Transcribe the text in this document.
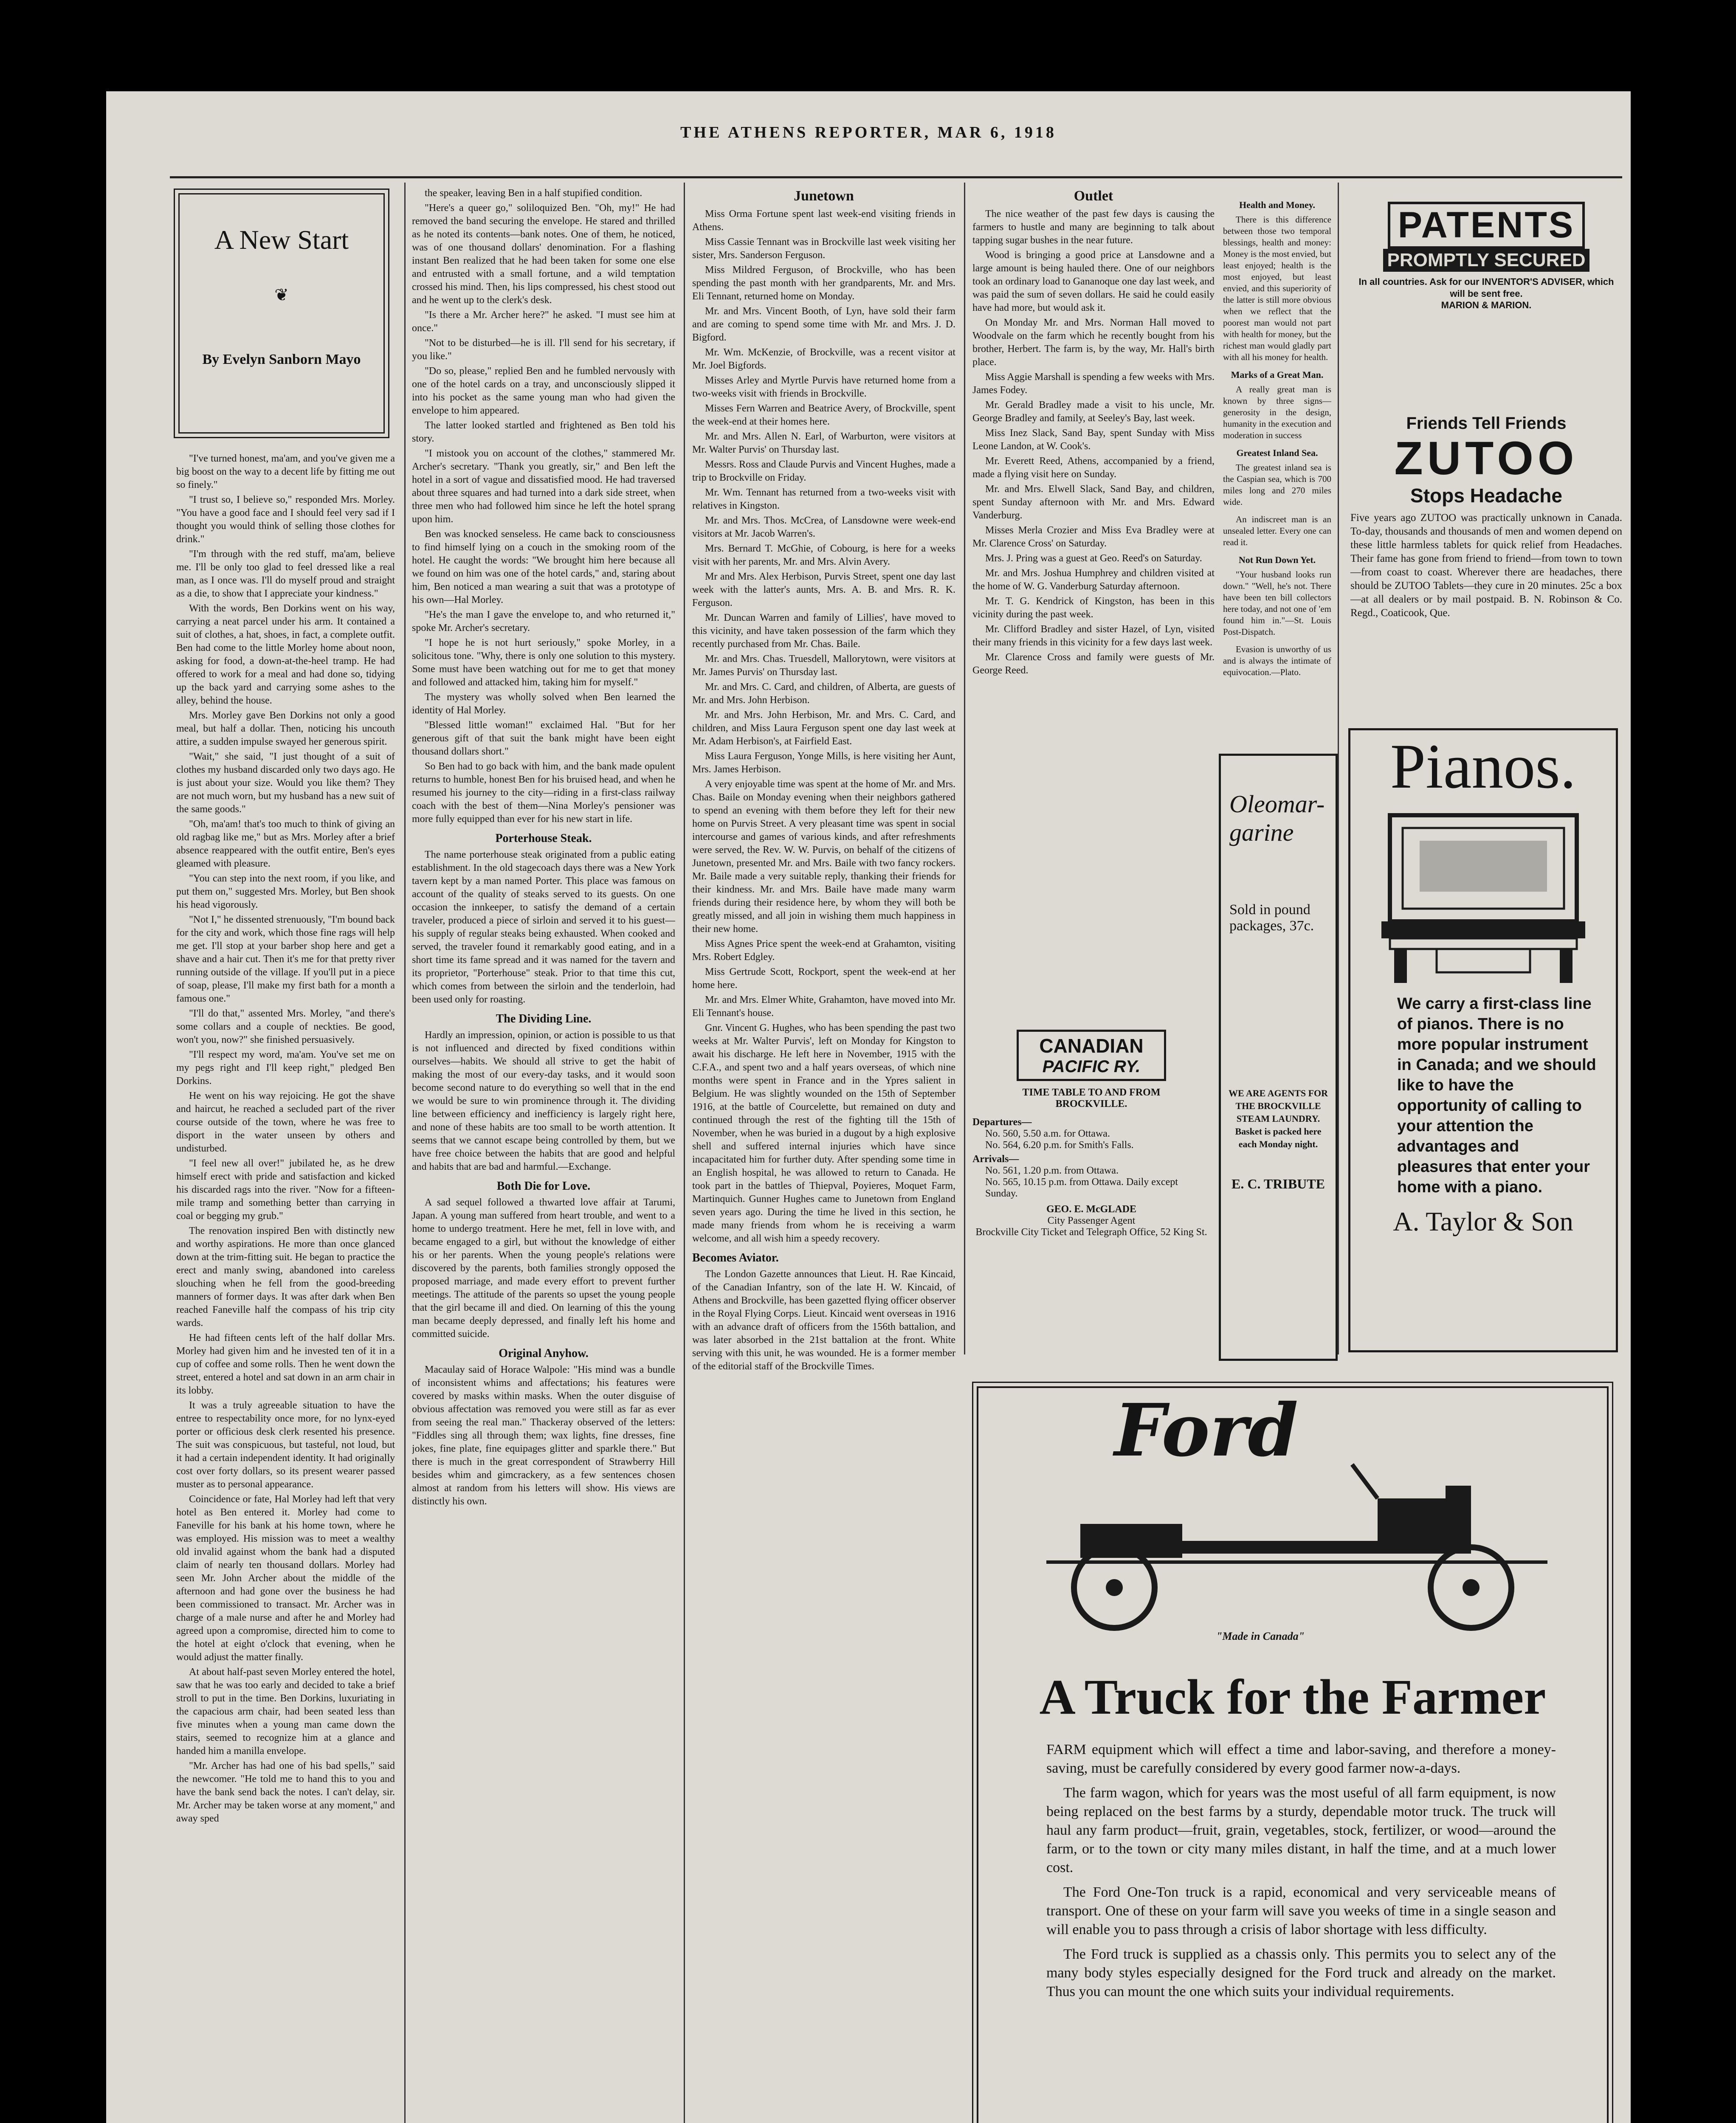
THE ATHENS REPORTER, MAR 6, 1918
A New Start
❦
By Evelyn Sanborn Mayo

"I've turned honest, ma'am, and you've given me a big boost on the way to a decent life by fitting me out so finely."

"I trust so, I believe so," responded Mrs. Morley. "You have a good face and I should feel very sad if I thought you would think of selling those clothes for drink."

"I'm through with the red stuff, ma'am, believe me. I'll be only too glad to feel dressed like a real man, as I once was. I'll do myself proud and straight as a die, to show that I appreciate your kindness."

With the words, Ben Dorkins went on his way, carrying a neat parcel under his arm. It contained a suit of clothes, a hat, shoes, in fact, a complete outfit. Ben had come to the little Morley home about noon, asking for food, a down-at-the-heel tramp. He had offered to work for a meal and had done so, tidying up the back yard and carrying some ashes to the alley, behind the house.

Mrs. Morley gave Ben Dorkins not only a good meal, but half a dollar. Then, noticing his uncouth attire, a sudden impulse swayed her generous spirit.

"Wait," she said, "I just thought of a suit of clothes my husband discarded only two days ago. He is just about your size. Would you like them? They are not much worn, but my husband has a new suit of the same goods."

"Oh, ma'am! that's too much to think of giving an old ragbag like me," but as Mrs. Morley after a brief absence reappeared with the outfit entire, Ben's eyes gleamed with pleasure.

"You can step into the next room, if you like, and put them on," suggested Mrs. Morley, but Ben shook his head vigorously.

"Not I," he dissented strenuously, "I'm bound back for the city and work, which those fine rags will help me get. I'll stop at your barber shop here and get a shave and a hair cut. Then it's me for that pretty river running outside of the village. If you'll put in a piece of soap, please, I'll make my first bath for a month a famous one."

"I'll do that," assented Mrs. Morley, "and there's some collars and a couple of neckties. Be good, won't you, now?" she finished persuasively.

"I'll respect my word, ma'am. You've set me on my pegs right and I'll keep right," pledged Ben Dorkins.

He went on his way rejoicing. He got the shave and haircut, he reached a secluded part of the river course outside of the town, where he was free to disport in the water unseen by others and undisturbed.

"I feel new all over!" jubilated he, as he drew himself erect with pride and satisfaction and kicked his discarded rags into the river. "Now for a fifteen-mile tramp and something better than carrying in coal or begging my grub."

The renovation inspired Ben with distinctly new and worthy aspirations. He more than once glanced down at the trim-fitting suit. He began to practice the erect and manly swing, abandoned into careless slouching when he fell from the good-breeding manners of former days. It was after dark when Ben reached Faneville half the compass of his trip city wards.

He had fifteen cents left of the half dollar Mrs. Morley had given him and he invested ten of it in a cup of coffee and some rolls. Then he went down the street, entered a hotel and sat down in an arm chair in its lobby.

It was a truly agreeable situation to have the entree to respectability once more, for no lynx-eyed porter or officious desk clerk resented his presence. The suit was conspicuous, but tasteful, not loud, but it had a certain independent identity. It had originally cost over forty dollars, so its present wearer passed muster as to personal appearance.

Coincidence or fate, Hal Morley had left that very hotel as Ben entered it. Morley had come to Faneville for his bank at his home town, where he was employed. His mission was to meet a wealthy old invalid against whom the bank had a disputed claim of nearly ten thousand dollars. Morley had seen Mr. John Archer about the middle of the afternoon and had gone over the business he had been commissioned to transact. Mr. Archer was in charge of a male nurse and after he and Morley had agreed upon a compromise, directed him to come to the hotel at eight o'clock that evening, when he would adjust the matter finally.

At about half-past seven Morley entered the hotel, saw that he was too early and decided to take a brief stroll to put in the time. Ben Dorkins, luxuriating in the capacious arm chair, had been seated less than five minutes when a young man came down the stairs, seemed to recognize him at a glance and handed him a manilla envelope.

"Mr. Archer has had one of his bad spells," said the newcomer. "He told me to hand this to you and have the bank send back the notes. I can't delay, sir. Mr. Archer may be taken worse at any moment," and away sped

the speaker, leaving Ben in a half stupified condition.

"Here's a queer go," soliloquized Ben. "Oh, my!" He had removed the band securing the envelope. He stared and thrilled as he noted its contents—bank notes. One of them, he noticed, was of one thousand dollars' denomination. For a flashing instant Ben realized that he had been taken for some one else and entrusted with a small fortune, and a wild temptation crossed his mind. Then, his lips compressed, his chest stood out and he went up to the clerk's desk.

"Is there a Mr. Archer here?" he asked. "I must see him at once."

"Not to be disturbed—he is ill. I'll send for his secretary, if you like."

"Do so, please," replied Ben and he fumbled nervously with one of the hotel cards on a tray, and unconsciously slipped it into his pocket as the same young man who had given the envelope to him appeared.

The latter looked startled and frightened as Ben told his story.

"I mistook you on account of the clothes," stammered Mr. Archer's secretary. "Thank you greatly, sir," and Ben left the hotel in a sort of vague and dissatisfied mood. He had traversed about three squares and had turned into a dark side street, when three men who had followed him since he left the hotel sprang upon him.

Ben was knocked senseless. He came back to consciousness to find himself lying on a couch in the smoking room of the hotel. He caught the words: "We brought him here because all we found on him was one of the hotel cards," and, staring about him, Ben noticed a man wearing a suit that was a prototype of his own—Hal Morley.

"He's the man I gave the envelope to, and who returned it," spoke Mr. Archer's secretary.

"I hope he is not hurt seriously," spoke Morley, in a solicitous tone. "Why, there is only one solution to this mystery. Some must have been watching out for me to get that money and followed and attacked him, taking him for myself."

The mystery was wholly solved when Ben learned the identity of Hal Morley.

"Blessed little woman!" exclaimed Hal. "But for her generous gift of that suit the bank might have been eight thousand dollars short."

So Ben had to go back with him, and the bank made opulent returns to humble, honest Ben for his bruised head, and when he resumed his journey to the city—riding in a first-class railway coach with the best of them—Nina Morley's pensioner was more fully equipped than ever for his new start in life.

Porterhouse Steak.

The name porterhouse steak originated from a public eating establishment. In the old stagecoach days there was a New York tavern kept by a man named Porter. This place was famous on account of the quality of steaks served to its guests. On one occasion the innkeeper, to satisfy the demand of a certain traveler, produced a piece of sirloin and served it to his guest—his supply of regular steaks being exhausted. When cooked and served, the traveler found it remarkably good eating, and in a short time its fame spread and it was named for the tavern and its proprietor, "Porterhouse" steak. Prior to that time this cut, which comes from between the sirloin and the tenderloin, had been used only for roasting.

The Dividing Line.

Hardly an impression, opinion, or action is possible to us that is not influenced and directed by fixed conditions within ourselves—habits. We should all strive to get the habit of making the most of our every-day tasks, and it would soon become second nature to do everything so well that in the end we would be sure to win prominence through it. The dividing line between efficiency and inefficiency is largely right here, and none of these habits are too small to be worth attention. It seems that we cannot escape being controlled by them, but we have free choice between the habits that are good and helpful and habits that are bad and harmful.—Exchange.

Both Die for Love.

A sad sequel followed a thwarted love affair at Tarumi, Japan. A young man suffered from heart trouble, and went to a home to undergo treatment. Here he met, fell in love with, and became engaged to a girl, but without the knowledge of either his or her parents. When the young people's relations were discovered by the parents, both families strongly opposed the proposed marriage, and made every effort to prevent further meetings. The attitude of the parents so upset the young people that the girl became ill and died. On learning of this the young man became deeply depressed, and finally left his home and committed suicide.

Original Anyhow.

Macaulay said of Horace Walpole: "His mind was a bundle of inconsistent whims and affectations; his features were covered by masks within masks. When the outer disguise of obvious affectation was removed you were still as far as ever from seeing the real man." Thackeray observed of the letters: "Fiddles sing all through them; wax lights, fine dresses, fine jokes, fine plate, fine equipages glitter and sparkle there." But there is much in the great correspondent of Strawberry Hill besides whim and gimcrackery, as a few sentences chosen almost at random from his letters will show. His views are distinctly his own.

Junetown

Miss Orma Fortune spent last week-end visiting friends in Athens.

Miss Cassie Tennant was in Brockville last week visiting her sister, Mrs. Sanderson Ferguson.

Miss Mildred Ferguson, of Brockville, who has been spending the past month with her grandparents, Mr. and Mrs. Eli Tennant, returned home on Monday.

Mr. and Mrs. Vincent Booth, of Lyn, have sold their farm and are coming to spend some time with Mr. and Mrs. J. D. Bigford.

Mr. Wm. McKenzie, of Brockville, was a recent visitor at Mr. Joel Bigfords.

Misses Arley and Myrtle Purvis have returned home from a two-weeks visit with friends in Brockville.

Misses Fern Warren and Beatrice Avery, of Brockville, spent the week-end at their homes here.

Mr. and Mrs. Allen N. Earl, of Warburton, were visitors at Mr. Walter Purvis' on Thursday last.

Messrs. Ross and Claude Purvis and Vincent Hughes, made a trip to Brockville on Friday.

Mr. Wm. Tennant has returned from a two-weeks visit with relatives in Kingston.

Mr. and Mrs. Thos. McCrea, of Lansdowne were week-end visitors at Mr. Jacob Warren's.

Mrs. Bernard T. McGhie, of Cobourg, is here for a weeks visit with her parents, Mr. and Mrs. Alvin Avery.

Mr and Mrs. Alex Herbison, Purvis Street, spent one day last week with the latter's aunts, Mrs. A. B. and Mrs. R. K. Ferguson.

Mr. Duncan Warren and family of Lillies', have moved to this vicinity, and have taken possession of the farm which they recently purchased from Mr. Chas. Baile.

Mr. and Mrs. Chas. Truesdell, Mallorytown, were visitors at Mr. James Purvis' on Thursday last.

Mr. and Mrs. C. Card, and children, of Alberta, are guests of Mr. and Mrs. John Herbison.

Mr. and Mrs. John Herbison, Mr. and Mrs. C. Card, and children, and Miss Laura Ferguson spent one day last week at Mr. Adam Herbison's, at Fairfield East.

Miss Laura Ferguson, Yonge Mills, is here visiting her Aunt, Mrs. James Herbison.

A very enjoyable time was spent at the home of Mr. and Mrs. Chas. Baile on Monday evening when their neighbors gathered to spend an evening with them before they left for their new home on Purvis Street. A very pleasant time was spent in social intercourse and games of various kinds, and after refreshments were served, the Rev. W. W. Purvis, on behalf of the citizens of Junetown, presented Mr. and Mrs. Baile with two fancy rockers. Mr. Baile made a very suitable reply, thanking their friends for their kindness. Mr. and Mrs. Baile have made many warm friends during their residence here, by whom they will both be greatly missed, and all join in wishing them much happiness in their new home.

Miss Agnes Price spent the week-end at Grahamton, visiting Mrs. Robert Edgley.

Miss Gertrude Scott, Rockport, spent the week-end at her home here.

Mr. and Mrs. Elmer White, Grahamton, have moved into Mr. Eli Tennant's house.

Gnr. Vincent G. Hughes, who has been spending the past two weeks at Mr. Walter Purvis', left on Monday for Kingston to await his discharge. He left here in November, 1915 with the C.F.A., and spent two and a half years overseas, of which nine months were spent in France and in the Ypres salient in Belgium. He was slightly wounded on the 15th of September 1916, at the battle of Courcelette, but remained on duty and continued through the rest of the fighting till the 15th of November, when he was buried in a dugout by a high explosive shell and suffered internal injuries which have since incapacitated him for further duty. After spending some time in an English hospital, he was allowed to return to Canada. He took part in the battles of Thiepval, Poyieres, Moquet Farm, Martinquich. Gunner Hughes came to Junetown from England seven years ago. During the time he lived in this section, he made many friends from whom he is receiving a warm welcome, and all wish him a speedy recovery.

Becomes Aviator.

The London Gazette announces that Lieut. H. Rae Kincaid, of the Canadian Infantry, son of the late H. W. Kincaid, of Athens and Brockville, has been gazetted flying officer observer in the Royal Flying Corps. Lieut. Kincaid went overseas in 1916 with an advance draft of officers from the 156th battalion, and was later absorbed in the 21st battalion at the front. White serving with this unit, he was wounded. He is a former member of the editorial staff of the Brockville Times.

Outlet

The nice weather of the past few days is causing the farmers to hustle and many are beginning to talk about tapping sugar bushes in the near future.

Wood is bringing a good price at Lansdowne and a large amount is being hauled there. One of our neighbors took an ordinary load to Gananoque one day last week, and was paid the sum of seven dollars. He said he could easily have had more, but would ask it.

On Monday Mr. and Mrs. Norman Hall moved to Woodvale on the farm which he recently bought from his brother, Herbert. The farm is, by the way, Mr. Hall's birth place.

Miss Aggie Marshall is spending a few weeks with Mrs. James Fodey.

Mr. Gerald Bradley made a visit to his uncle, Mr. George Bradley and family, at Seeley's Bay, last week.

Miss Inez Slack, Sand Bay, spent Sunday with Miss Leone Landon, at W. Cook's.

Mr. Everett Reed, Athens, accompanied by a friend, made a flying visit here on Sunday.

Mr. and Mrs. Elwell Slack, Sand Bay, and children, spent Sunday afternoon with Mr. and Mrs. Edward Vanderburg.

Misses Merla Crozier and Miss Eva Bradley were at Mr. Clarence Cross' on Saturday.

Mrs. J. Pring was a guest at Geo. Reed's on Saturday.

Mr. and Mrs. Joshua Humphrey and children visited at the home of W. G. Vanderburg Saturday afternoon.

Mr. T. G. Kendrick of Kingston, has been in this vicinity during the past week.

Mr. Clifford Bradley and sister Hazel, of Lyn, visited their many friends in this vicinity for a few days last week.

Mr. Clarence Cross and family were guests of Mr. George Reed.

Health and Money.

There is this difference between those two temporal blessings, health and money: Money is the most envied, but least enjoyed; health is the most enjoyed, but least envied, and this superiority of the latter is still more obvious when we reflect that the poorest man would not part with health for money, but the richest man would gladly part with all his money for health.

Marks of a Great Man.

A really great man is known by three signs—generosity in the design, humanity in the execution and moderation in success

Greatest Inland Sea.

The greatest inland sea is the Caspian sea, which is 700 miles long and 270 miles wide.

An indiscreet man is an unsealed letter. Every one can read it.

Not Run Down Yet.

"Your husband looks run down." "Well, he's not. There have been ten bill collectors here today, and not one of 'em found him in."—St. Louis Post-Dispatch.

Evasion is unworthy of us and is always the intimate of equivocation.—Plato.

Oleomar-
garine
Sold in pound
packages, 37c.
WE ARE AGENTS FOR THE BROCKVILLE STEAM LAUNDRY. Basket is packed here each Monday night.
E. C. TRIBUTE
CANADIAN
PACIFIC RY.
TIME TABLE TO AND FROM BROCKVILLE.
Departures—
No. 560, 5.50 a.m. for Ottawa.
No. 564, 6.20 p.m. for Smith's Falls.
Arrivals—
No. 561, 1.20 p.m. from Ottawa.
No. 565, 10.15 p.m. from Ottawa. Daily except Sunday.
GEO. E. McGLADE
City Passenger Agent
Brockville City Ticket and Telegraph Office, 52 King St.
PATENTS
PROMPTLY SECURED
In all countries. Ask for our INVENTOR'S ADVISER, which will be sent free.
MARION & MARION.
Friends Tell Friends
ZUTOO
Stops Headache
Five years ago ZUTOO was practically unknown in Canada. To-day, thousands and thousands of men and women depend on these little harmless tablets for quick relief from Headaches. Their fame has gone from friend to friend—from town to town—from coast to coast. Wherever there are headaches, there should be ZUTOO Tablets—they cure in 20 minutes. 25c a box—at all dealers or by mail postpaid. B. N. Robinson & Co. Regd., Coaticook, Que.
Pianos.
We carry a first-class line of pianos. There is no more popular instrument in Canada; and we should like to have the opportunity of calling to your attention the advantages and pleasures that enter your home with a piano.
A. Taylor & Son
Ford
"Made in Canada"
A Truck for the Farmer

FARM equipment which will effect a time and labor-saving, and therefore a money-saving, must be carefully considered by every good farmer now-a-days.

The farm wagon, which for years was the most useful of all farm equipment, is now being replaced on the best farms by a sturdy, dependable motor truck. The truck will haul any farm product—fruit, grain, vegetables, stock, fertilizer, or wood—around the farm, or to the town or city many miles distant, in half the time, and at a much lower cost.

The Ford One-Ton truck is a rapid, economical and very serviceable means of transport. One of these on your farm will save you weeks of time in a single season and will enable you to pass through a crisis of labor shortage with less difficulty.

The Ford truck is supplied as a chassis only. This permits you to select any of the many body styles especially designed for the Ford truck and already on the market. Thus you can mount the one which suits your individual requirements.
